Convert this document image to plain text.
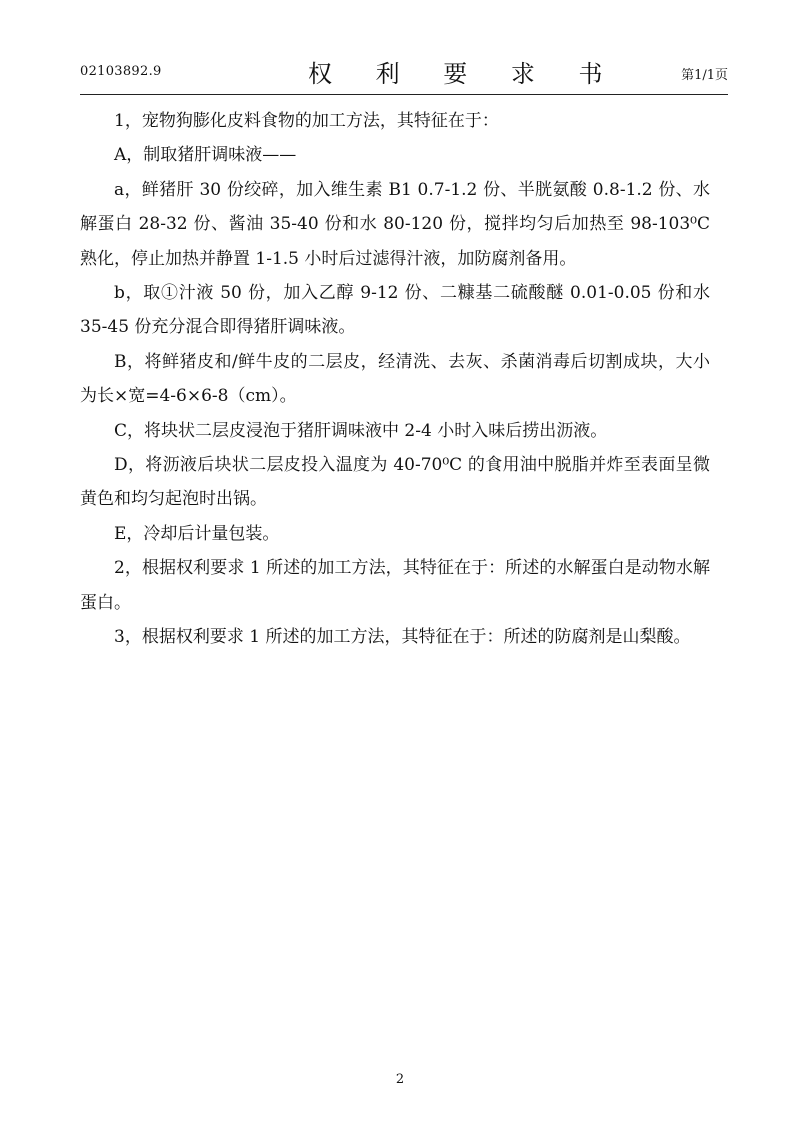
02103892.9	权 利 要 求 书	第1/1页

1，宠物狗膨化皮料食物的加工方法，其特征在于：

A，制取猪肝调味液——

a，鲜猪肝 30 份绞碎，加入维生素 B1 0.7-1.2 份、半胱氨酸 0.8-1.2 份、水解蛋白 28-32 份、酱油 35-40 份和水 80-120 份，搅拌均匀后加热至 98-103⁰C 熟化，停止加热并静置 1-1.5 小时后过滤得汁液，加防腐剂备用。

b，取①汁液 50 份，加入乙醇 9-12 份、二糠基二硫酸醚 0.01-0.05 份和水 35-45 份充分混合即得猪肝调味液。

B，将鲜猪皮和/鲜牛皮的二层皮，经清洗、去灰、杀菌消毒后切割成块，大小为长×宽=4-6×6-8（cm）。

C，将块状二层皮浸泡于猪肝调味液中 2-4 小时入味后捞出沥液。

D，将沥液后块状二层皮投入温度为 40-70⁰C 的食用油中脱脂并炸至表面呈微黄色和均匀起泡时出锅。

E，冷却后计量包装。

2，根据权利要求 1 所述的加工方法，其特征在于：所述的水解蛋白是动物水解蛋白。

3，根据权利要求 1 所述的加工方法，其特征在于：所述的防腐剂是山梨酸。

2
